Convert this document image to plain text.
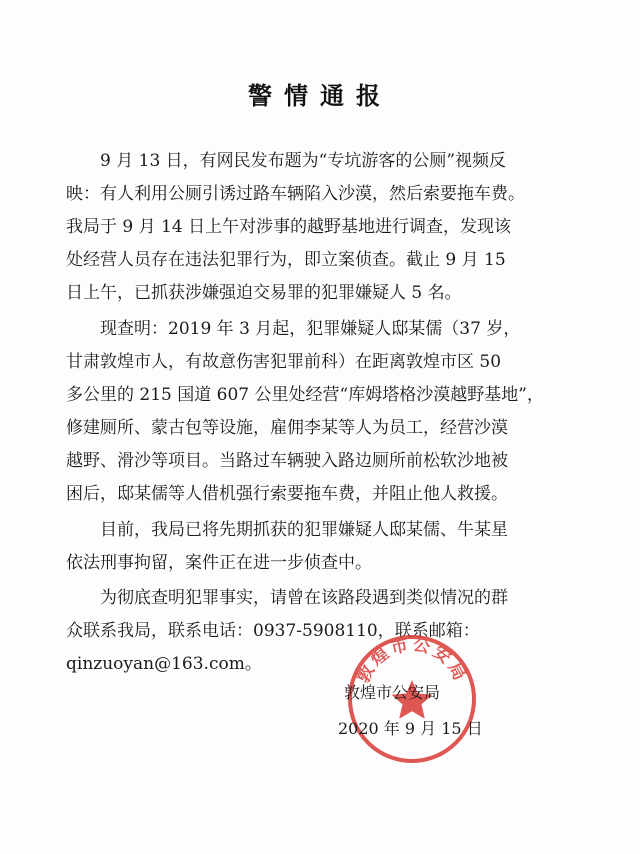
警情通报
　　9 月 13 日，有网民发布题为“专坑游客的公厕”视频反
映：有人利用公厕引诱过路车辆陷入沙漠，然后索要拖车费。
我局于 9 月 14 日上午对涉事的越野基地进行调查，发现该
处经营人员存在违法犯罪行为，即立案侦查。截止 9 月 15
日上午，已抓获涉嫌强迫交易罪的犯罪嫌疑人 5 名。
　　现查明：2019 年 3 月起，犯罪嫌疑人邸某儒（37 岁，
甘肃敦煌市人，有故意伤害犯罪前科）在距离敦煌市区 50
多公里的 215 国道 607 公里处经营“库姆塔格沙漠越野基地”，
修建厕所、蒙古包等设施，雇佣李某等人为员工，经营沙漠
越野、滑沙等项目。当路过车辆驶入路边厕所前松软沙地被
困后，邸某儒等人借机强行索要拖车费，并阻止他人救援。
　　目前，我局已将先期抓获的犯罪嫌疑人邸某儒、牛某星
依法刑事拘留，案件正在进一步侦查中。
　　为彻底查明犯罪事实，请曾在该路段遇到类似情况的群
众联系我局，联系电话：0937-5908110，联系邮箱：
qinzuoyan@163.com。	敦煌市公安局
敦煌市公安局
2020 年 9 月 15 日
